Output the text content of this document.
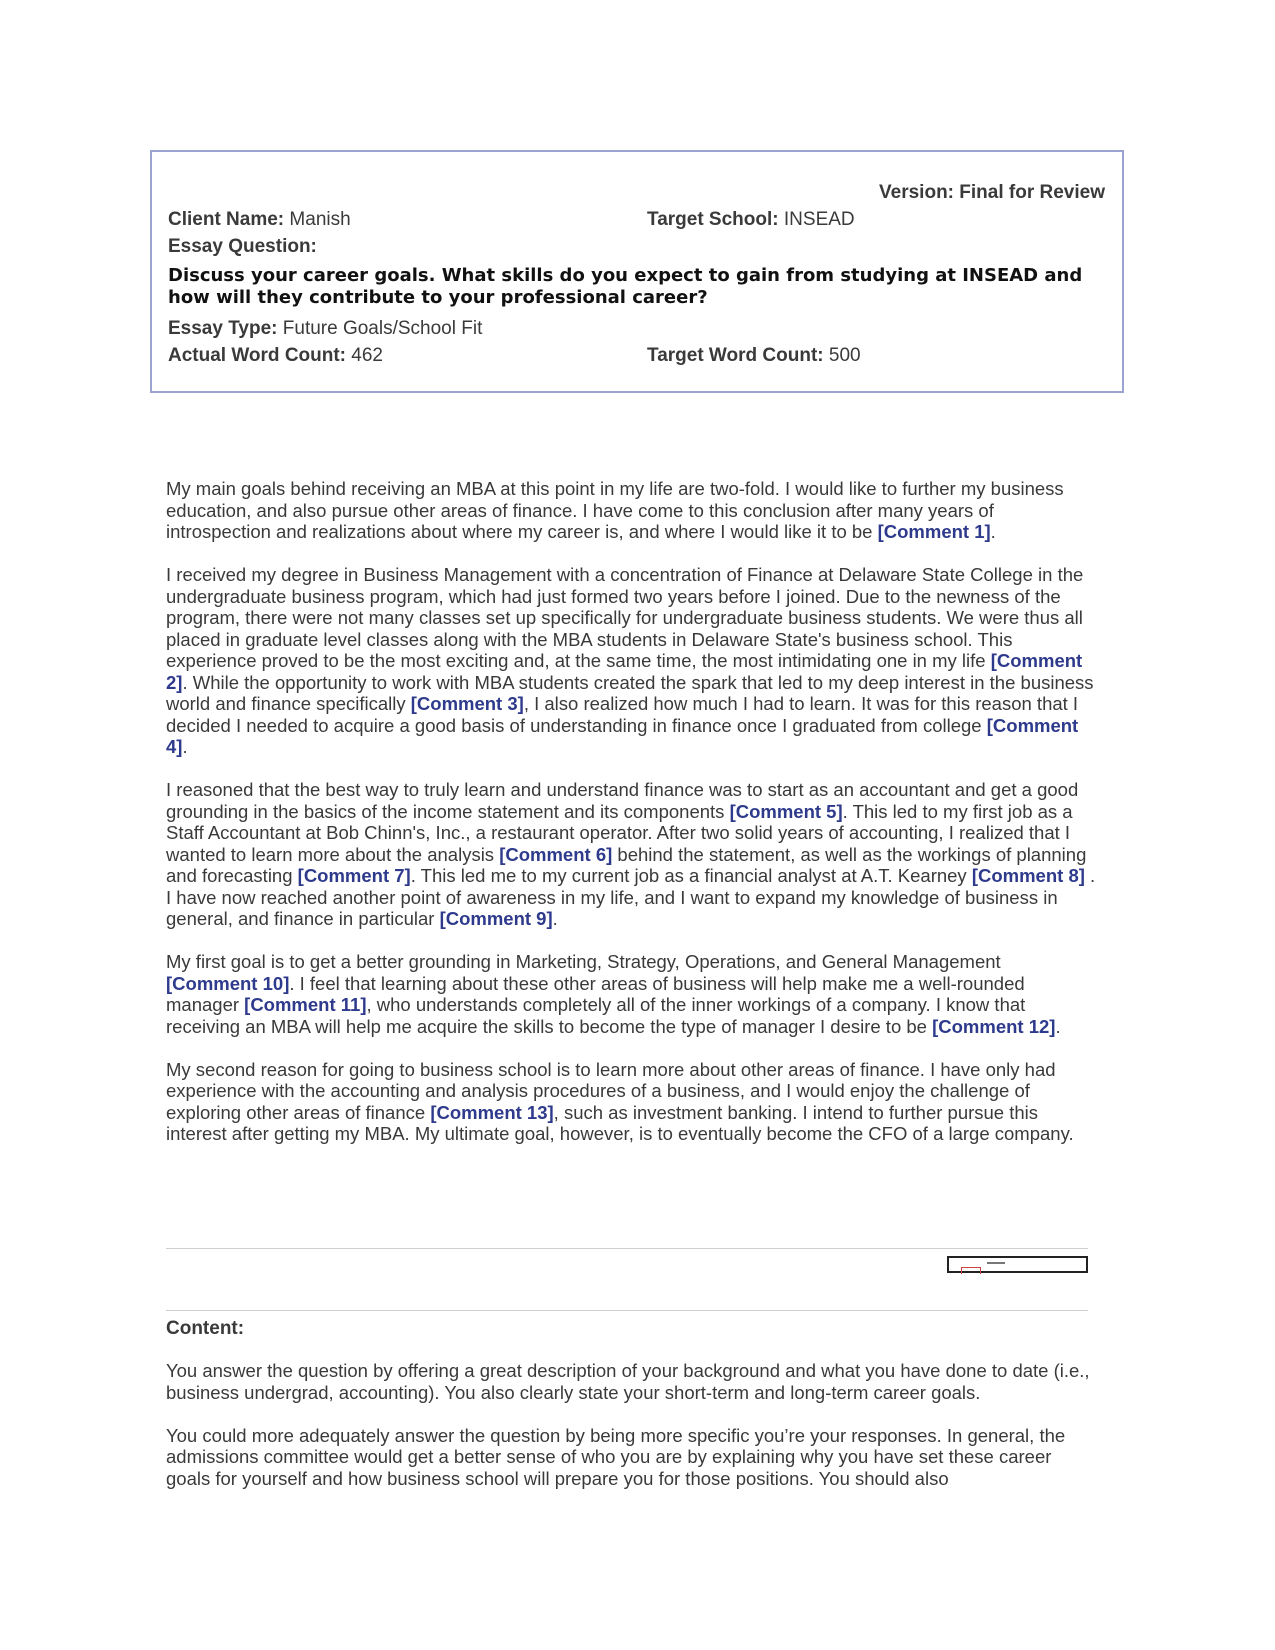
Version: Final for Review
Client Name: Manish	Target School: INSEAD
Essay Question:
Discuss your career goals. What skills do you expect to gain from studying at INSEAD and how will they contribute to your professional career?
Essay Type: Future Goals/School Fit
Actual Word Count: 462	Target Word Count: 500

My main goals behind receiving an MBA at this point in my life are two-fold. I would like to further my business education, and also pursue other areas of finance. I have come to this conclusion after many years of introspection and realizations about where my career is, and where I would like it to be [Comment 1].

I received my degree in Business Management with a concentration of Finance at Delaware State College in the undergraduate business program, which had just formed two years before I joined. Due to the newness of the program, there were not many classes set up specifically for undergraduate business students. We were thus all placed in graduate level classes along with the MBA students in Delaware State's business school. This experience proved to be the most exciting and, at the same time, the most intimidating one in my life [Comment 2]. While the opportunity to work with MBA students created the spark that led to my deep interest in the business world and finance specifically [Comment 3], I also realized how much I had to learn. It was for this reason that I decided I needed to acquire a good basis of understanding in finance once I graduated from college [Comment 4].

I reasoned that the best way to truly learn and understand finance was to start as an accountant and get a good grounding in the basics of the income statement and its components [Comment 5]. This led to my first job as a Staff Accountant at Bob Chinn's, Inc., a restaurant operator. After two solid years of accounting, I realized that I wanted to learn more about the analysis [Comment 6] behind the statement, as well as the workings of planning and forecasting [Comment 7]. This led me to my current job as a financial analyst at A.T. Kearney [Comment 8] . I have now reached another point of awareness in my life, and I want to expand my knowledge of business in general, and finance in particular [Comment 9].

My first goal is to get a better grounding in Marketing, Strategy, Operations, and General Management [Comment 10]. I feel that learning about these other areas of business will help make me a well-rounded manager [Comment 11], who understands completely all of the inner workings of a company. I know that receiving an MBA will help me acquire the skills to become the type of manager I desire to be [Comment 12].

My second reason for going to business school is to learn more about other areas of finance. I have only had experience with the accounting and analysis procedures of a business, and I would enjoy the challenge of exploring other areas of finance [Comment 13], such as investment banking. I intend to further pursue this interest after getting my MBA. My ultimate goal, however, is to eventually become the CFO of a large company.

Content:

You answer the question by offering a great description of your background and what you have done to date (i.e., business undergrad, accounting). You also clearly state your short-term and long-term career goals.

You could more adequately answer the question by being more specific you’re your responses. In general, the admissions committee would get a better sense of who you are by explaining why you have set these career goals for yourself and how business school will prepare you for those positions. You should also
